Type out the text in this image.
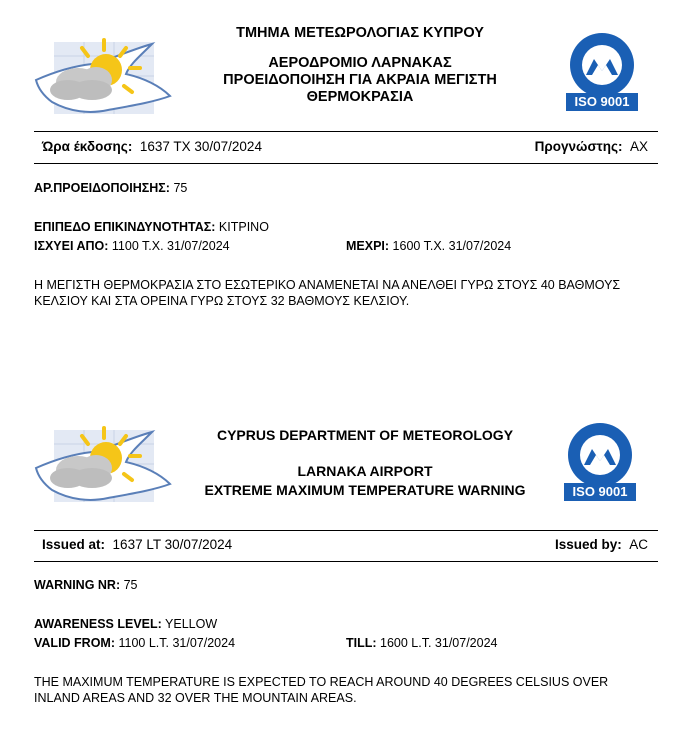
ΤΜΗΜΑ ΜΕΤΕΩΡΟΛΟΓΙΑΣ ΚΥΠΡΟΥ
ΑΕΡΟΔΡΟΜΙΟ ΛΑΡΝΑΚΑΣ
ΠΡΟΕΙΔΟΠΟΙΗΣΗ ΓΙΑ ΑΚΡΑΙΑ ΜΕΓΙΣΤΗ
ΘΕΡΜΟΚΡΑΣΙΑ	ISO 9001
Ώρα έκδοσης: 1637 ΤΧ 30/07/2024	Προγνώστης: ΑΧ
ΑΡ.ΠΡΟΕΙΔΟΠΟΙΗΣΗΣ: 75
ΕΠΙΠΕΔΟ ΕΠΙΚΙΝΔΥΝΟΤΗΤΑΣ: ΚΙΤΡΙΝΟ
ΙΣΧΥΕΙ ΑΠΟ: 1100 Τ.Χ. 31/07/2024	ΜΕΧΡΙ: 1600 Τ.Χ. 31/07/2024
Η ΜΕΓΙΣΤΗ ΘΕΡΜΟΚΡΑΣΙΑ ΣΤΟ ΕΣΩΤΕΡΙΚΟ ΑΝΑΜΕΝΕΤΑΙ ΝΑ ΑΝΕΛΘΕΙ ΓΥΡΩ ΣΤΟΥΣ 40 ΒΑΘΜΟΥΣ ΚΕΛΣΙΟΥ ΚΑΙ ΣΤΑ ΟΡΕΙΝΑ ΓΥΡΩ ΣΤΟΥΣ 32 ΒΑΘΜΟΥΣ ΚΕΛΣΙΟΥ.
CYPRUS DEPARTMENT OF METEOROLOGY
LARNAKA AIRPORT
EXTREME MAXIMUM TEMPERATURE WARNING	ISO 9001
Issued at: 1637 LT 30/07/2024	Issued by: AC
WARNING NR: 75
AWARENESS LEVEL: YELLOW
VALID FROM: 1100 L.T. 31/07/2024	TILL: 1600 L.T. 31/07/2024
THE MAXIMUM TEMPERATURE IS EXPECTED TO REACH AROUND 40 DEGREES CELSIUS OVER INLAND AREAS AND 32 OVER THE MOUNTAIN AREAS.
